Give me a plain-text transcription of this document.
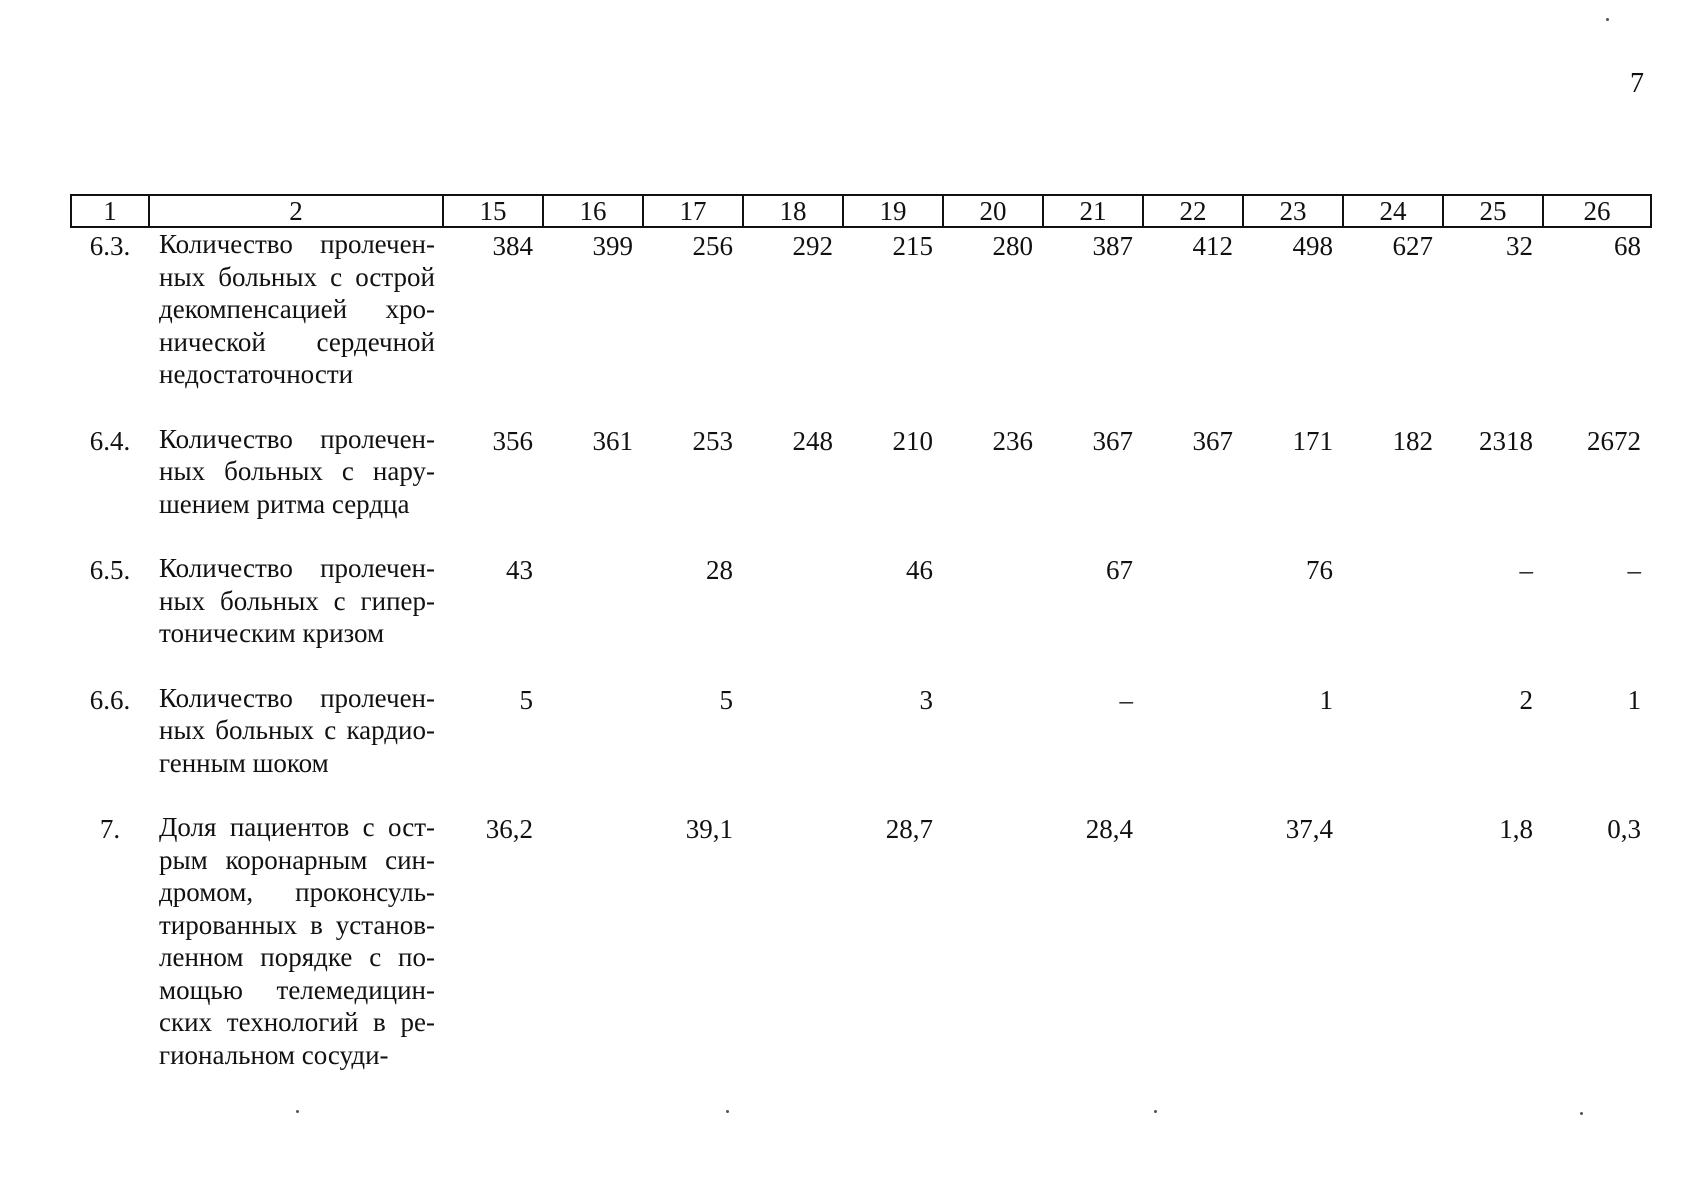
7
1	2	15	16	17	18	19	20	21	22	23	24	25	26
6.3.	Количество пролечен-ных больных с острой декомпенсацией хро-нической сердечной недостаточности	384	399	256	292	215	280	387	412	498	627	32	68

6.4.	Количество пролечен-ных больных с нару-шением ритма сердца	356	361	253	248	210	236	367	367	171	182	2318	2672

6.5.	Количество пролечен-ных больных с гипер-тоническим кризом	43		28		46		67		76		–	–

6.6.	Количество пролечен-ных больных с кардио-генным шоком	5		5		3		–		1		2	1

7.	Доля пациентов с ост-рым коронарным син-дромом, проконсуль-тированных в установ-ленном порядке с по-мощью телемедицин-ских технологий в ре-гиональном сосуди-	36,2		39,1		28,7		28,4		37,4		1,8	0,3
